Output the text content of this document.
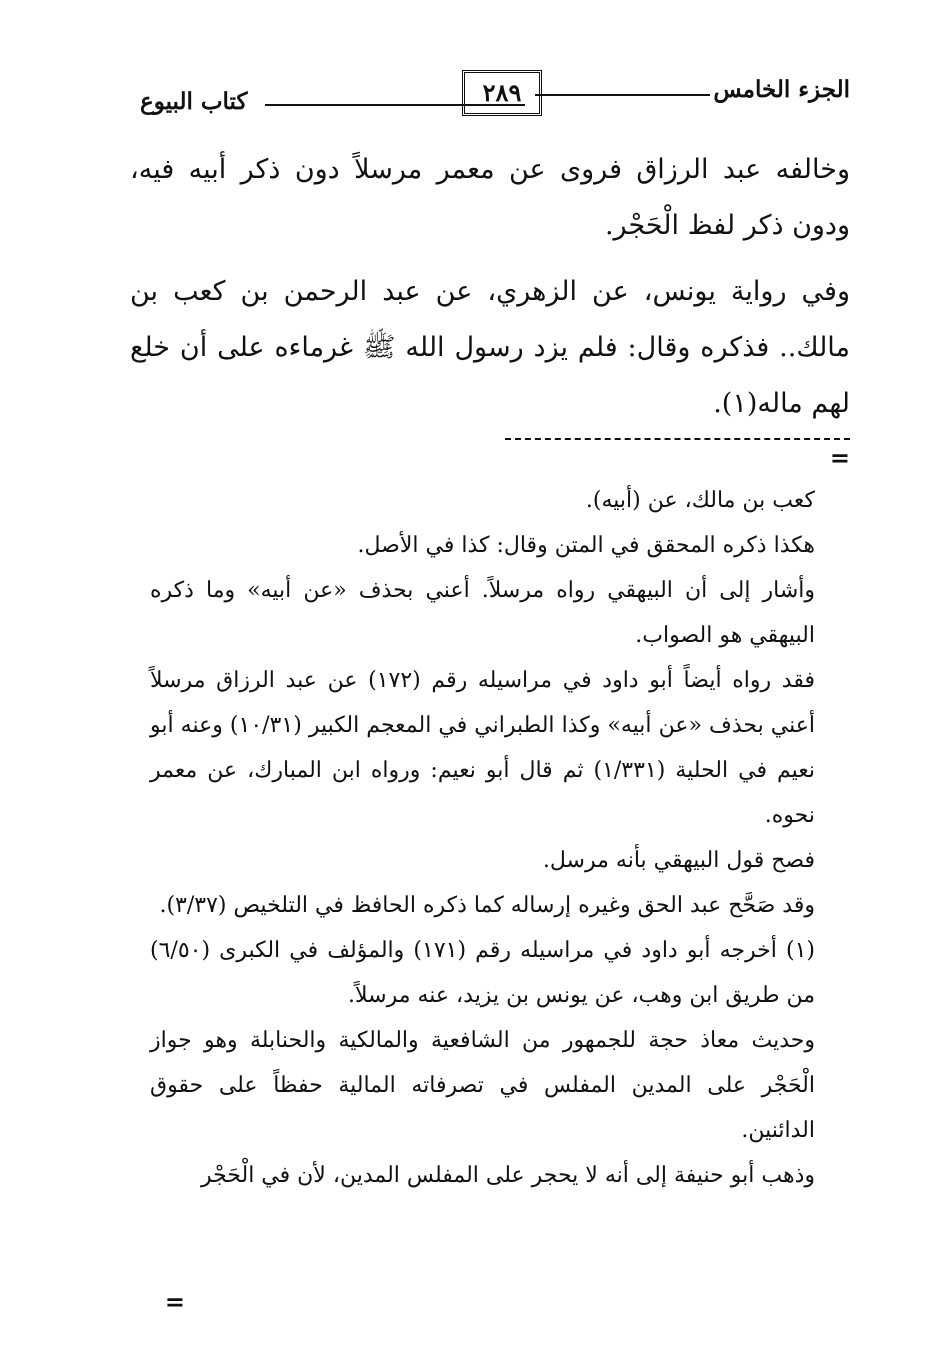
الجزء الخامس
٢٨٩
كتاب البيوع

وخالفه عبد الرزاق فروى عن معمر مرسلاً دون ذكر أبيه فيه، ودون ذكر لفظ الْحَجْر.

وفي رواية يونس، عن الزهري، عن عبد الرحمن بن كعب بن مالك.. فذكره وقال: فلم يزد رسول الله ﷺ غرماءه على أن خلع لهم ماله(١).

=

كعب بن مالك، عن (أبيه).

هكذا ذكره المحقق في المتن وقال: كذا في الأصل.

وأشار إلى أن البيهقي رواه مرسلاً. أعني بحذف «عن أبيه» وما ذكره البيهقي هو الصواب.

فقد رواه أيضاً أبو داود في مراسيله رقم (١٧٢) عن عبد الرزاق مرسلاً أعني بحذف «عن أبيه» وكذا الطبراني في المعجم الكبير (١٠/٣١) وعنه أبو نعيم في الحلية (١/٣٣١) ثم قال أبو نعيم: ورواه ابن المبارك، عن معمر نحوه.

فصح قول البيهقي بأنه مرسل.

وقد صَحَّح عبد الحق وغيره إرساله كما ذكره الحافظ في التلخيص (٣/٣٧).

(١) أخرجه أبو داود في مراسيله رقم (١٧١) والمؤلف في الكبرى (٦/٥٠) من طريق ابن وهب، عن يونس بن يزيد، عنه مرسلاً.

وحديث معاذ حجة للجمهور من الشافعية والمالكية والحنابلة وهو جواز الْحَجْر على المدين المفلس في تصرفاته المالية حفظاً على حقوق الدائنين.

وذهب أبو حنيفة إلى أنه لا يحجر على المفلس المدين، لأن في الْحَجْر

=
